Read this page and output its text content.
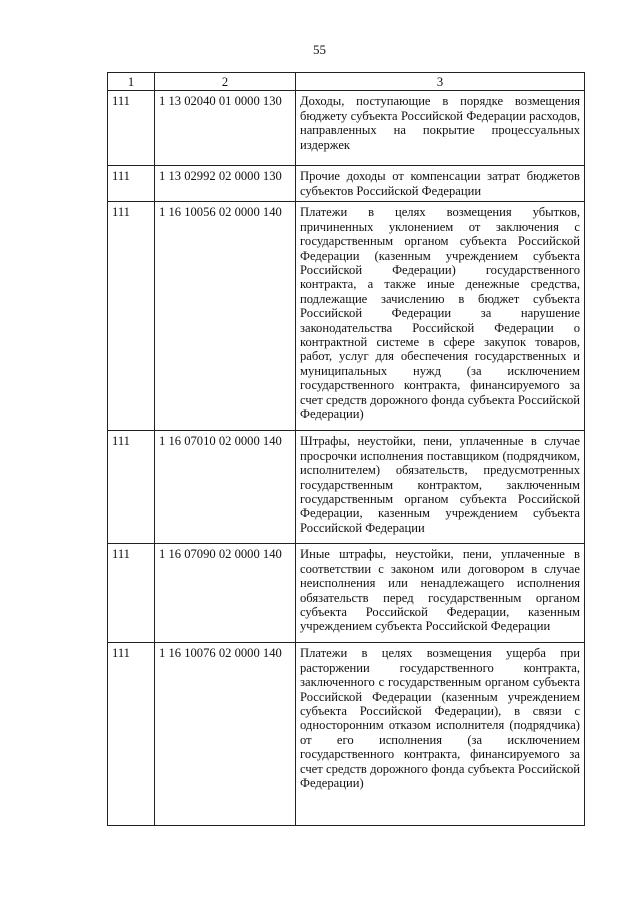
55
1	2	3
111	1 13 02040 01 0000 130	Доходы, поступающие в порядке возмещения бюджету субъекта Российской Федерации расходов, направленных на покрытие процессуальных издержек
111	1 13 02992 02 0000 130	Прочие доходы от компенсации затрат бюджетов субъектов Российской Федерации
111	1 16 10056 02 0000 140	Платежи в целях возмещения убытков, причиненных уклонением от заключения с государственным органом субъекта Российской Федерации (казенным учреждением субъекта Российской Федерации) государственного контракта, а также иные денежные средства, подлежащие зачислению в бюджет субъекта Российской Федерации за нарушение законодательства Российской Федерации о контрактной системе в сфере закупок товаров, работ, услуг для обеспечения государственных и муниципальных нужд (за исключением государственного контракта, финансируемого за счет средств дорожного фонда субъекта Российской Федерации)
111	1 16 07010 02 0000 140	Штрафы, неустойки, пени, уплаченные в случае просрочки исполнения поставщиком (подрядчиком, исполнителем) обязательств, предусмотренных государственным контрактом, заключенным государственным органом субъекта Российской Федерации, казенным учреждением субъекта Российской Федерации
111	1 16 07090 02 0000 140	Иные штрафы, неустойки, пени, уплаченные в соответствии с законом или договором в случае неисполнения или ненадлежащего исполнения обязательств перед государственным органом субъекта Российской Федерации, казенным учреждением субъекта Российской Федерации
111	1 16 10076 02 0000 140	Платежи в целях возмещения ущерба при расторжении государственного контракта, заключенного с государственным органом субъекта Российской Федерации (казенным учреждением субъекта Российской Федерации), в связи с односторонним отказом исполнителя (подрядчика) от его исполнения (за исключением государственного контракта, финансируемого за счет средств дорожного фонда субъекта Российской Федерации)
